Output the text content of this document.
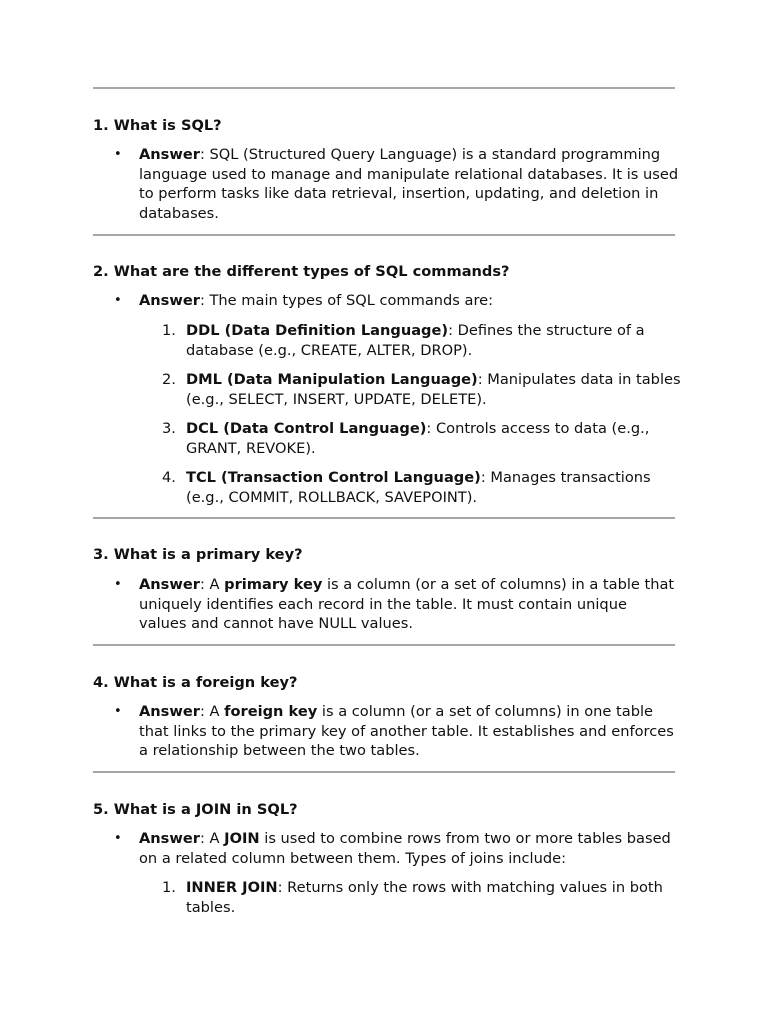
1. What is SQL?
• Answer: SQL (Structured Query Language) is a standard programming language used to manage and manipulate relational databases. It is used to perform tasks like data retrieval, insertion, updating, and deletion in databases.
2. What are the different types of SQL commands?
• Answer: The main types of SQL commands are:
1. DDL (Data Definition Language): Defines the structure of a database (e.g., CREATE, ALTER, DROP).
2. DML (Data Manipulation Language): Manipulates data in tables (e.g., SELECT, INSERT, UPDATE, DELETE).
3. DCL (Data Control Language): Controls access to data (e.g., GRANT, REVOKE).
4. TCL (Transaction Control Language): Manages transactions (e.g., COMMIT, ROLLBACK, SAVEPOINT).
3. What is a primary key?
• Answer: A primary key is a column (or a set of columns) in a table that uniquely identifies each record in the table. It must contain unique values and cannot have NULL values.
4. What is a foreign key?
• Answer: A foreign key is a column (or a set of columns) in one table that links to the primary key of another table. It establishes and enforces a relationship between the two tables.
5. What is a JOIN in SQL?
• Answer: A JOIN is used to combine rows from two or more tables based on a related column between them. Types of joins include:
1. INNER JOIN: Returns only the rows with matching values in both tables.
